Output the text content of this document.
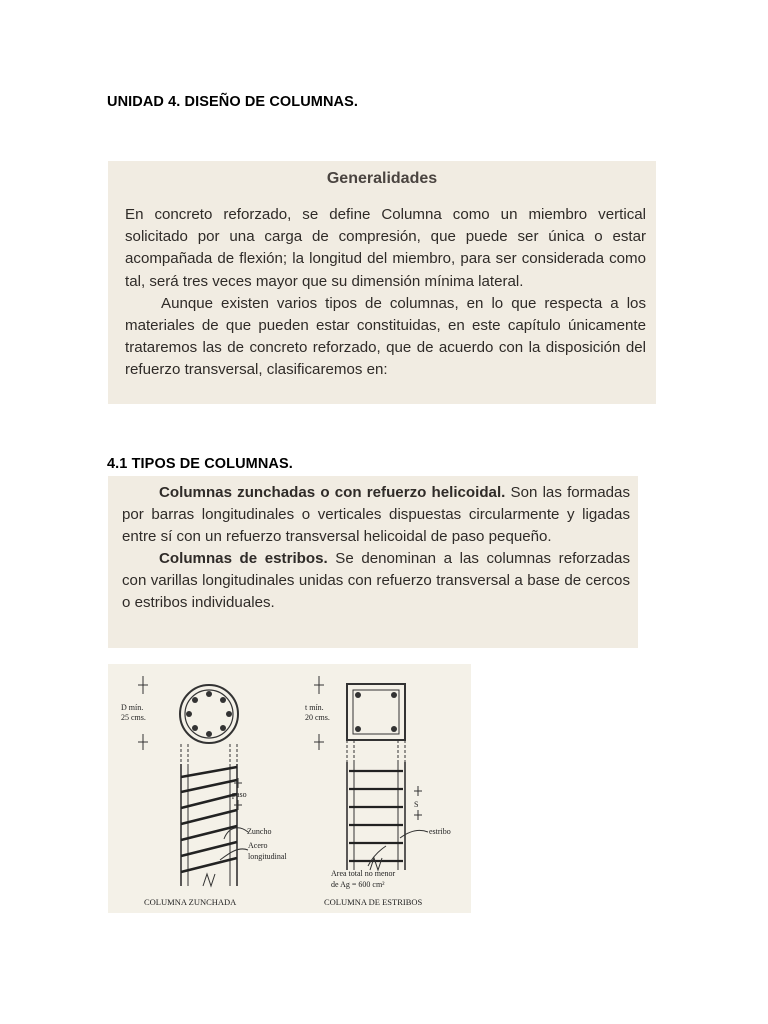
UNIDAD 4. DISEÑO DE COLUMNAS.
Generalidades

En concreto reforzado, se define Columna como un miembro vertical solicitado por una carga de compresión, que puede ser única o estar acompañada de flexión; la longitud del miembro, para ser considerada como tal, será tres veces mayor que su dimensión mínima lateral.

Aunque existen varios tipos de columnas, en lo que respecta a los materiales de que pueden estar constituidas, en este capítulo únicamente trataremos las de concreto reforzado, que de acuerdo con la disposición del refuerzo transversal, clasificaremos en:

4.1 TIPOS DE COLUMNAS.

Columnas zunchadas o con refuerzo helicoidal. Son las formadas por barras longitudinales o verticales dispuestas circularmente y ligadas entre sí con un refuerzo transversal helicoidal de paso pequeño.

Columnas de estribos. Se denominan a las columnas reforzadas con varillas longitudinales unidas con refuerzo transversal a base de cercos o estribos individuales.

D mín.
25 cms.
t mín.
20 cms.
paso
Zuncho
Acero
longitudinal
S
estribo
Area total no menor
de Ag = 600 cm²
COLUMNA ZUNCHADA	COLUMNA DE ESTRIBOS
